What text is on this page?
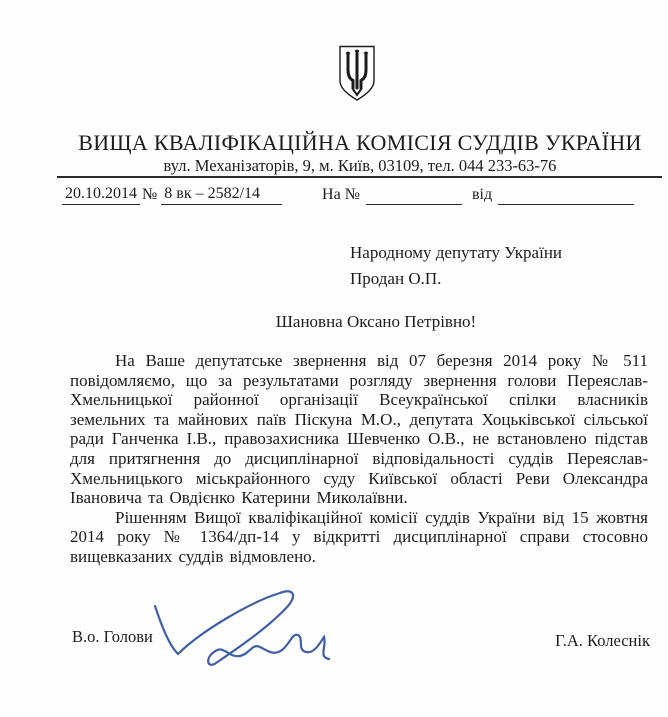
ВИЩА КВАЛІФІКАЦІЙНА КОМІСІЯ СУДДІВ УКРАЇНИ
вул. Механізаторів, 9, м. Київ, 03109, тел. 044 233-63-76
20.10.2014 № 8 вк – 2582/14	На №	від
Народному депутату України
Продан О.П.
Шановна Оксано Петрівно!

На Ваше депутатське звернення від 07 березня 2014 року № 511 повідомляємо, що за результатами розгляду звернення голови Переяслав-Хмельницької районної організації Всеукраїнської спілки власників земельних та майнових паїв Піскуна М.О., депутата Хоцьківської сільської ради Ганченка І.В., правозахисника Шевченко О.В., не встановлено підстав для притягнення до дисциплінарної відповідальності суддів Переяслав-Хмельницького міськрайонного суду Київської області Реви Олександра Івановича та Овдієнко Катерини Миколаївни.

Рішенням Вищої кваліфікаційної комісії суддів України від 15 жовтня 2014 року № 1364/дп-14 у відкритті дисциплінарної справи стосовно вищевказаних суддів відмовлено.

В.о. Голови	Г.А. Колеснік
